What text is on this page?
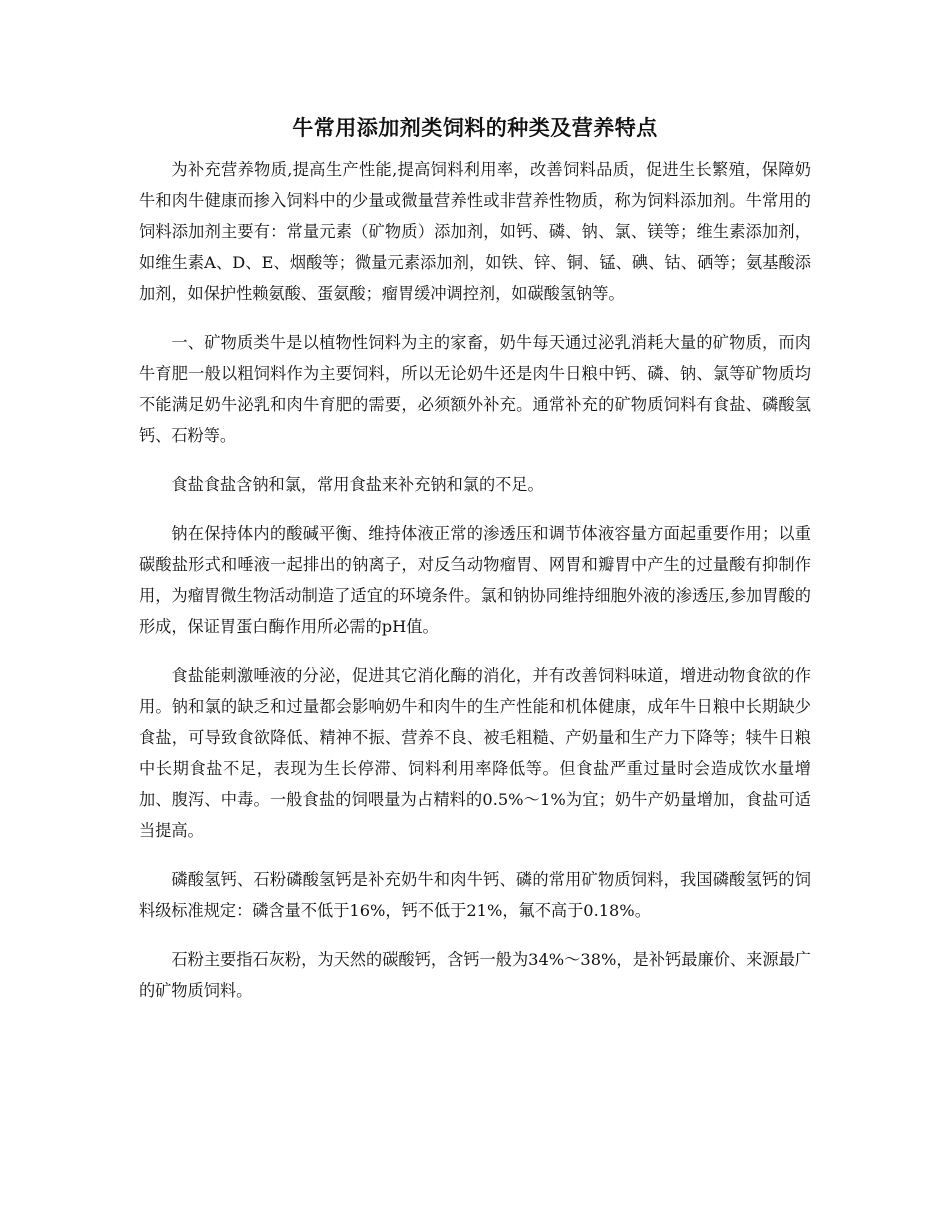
牛常用添加剂类饲料的种类及营养特点

为补充营养物质,提高生产性能,提高饲料利用率，改善饲料品质，促进生长繁殖，保障奶牛和肉牛健康而掺入饲料中的少量或微量营养性或非营养性物质，称为饲料添加剂。牛常用的饲料添加剂主要有：常量元素（矿物质）添加剂，如钙、磷、钠、氯、镁等；维生素添加剂，如维生素A、D、E、烟酸等；微量元素添加剂，如铁、锌、铜、锰、碘、钴、硒等；氨基酸添加剂，如保护性赖氨酸、蛋氨酸；瘤胃缓冲调控剂，如碳酸氢钠等。

一、矿物质类牛是以植物性饲料为主的家畜，奶牛每天通过泌乳消耗大量的矿物质，而肉牛育肥一般以粗饲料作为主要饲料，所以无论奶牛还是肉牛日粮中钙、磷、钠、氯等矿物质均不能满足奶牛泌乳和肉牛育肥的需要，必须额外补充。通常补充的矿物质饲料有食盐、磷酸氢钙、石粉等。

食盐食盐含钠和氯，常用食盐来补充钠和氯的不足。

钠在保持体内的酸碱平衡、维持体液正常的渗透压和调节体液容量方面起重要作用；以重碳酸盐形式和唾液一起排出的钠离子，对反刍动物瘤胃、网胃和瓣胃中产生的过量酸有抑制作用，为瘤胃微生物活动制造了适宜的环境条件。氯和钠协同维持细胞外液的渗透压,参加胃酸的形成，保证胃蛋白酶作用所必需的pH值。

食盐能刺激唾液的分泌，促进其它消化酶的消化，并有改善饲料味道，增进动物食欲的作用。钠和氯的缺乏和过量都会影响奶牛和肉牛的生产性能和机体健康，成年牛日粮中长期缺少食盐，可导致食欲降低、精神不振、营养不良、被毛粗糙、产奶量和生产力下降等；犊牛日粮中长期食盐不足，表现为生长停滞、饲料利用率降低等。但食盐严重过量时会造成饮水量增加、腹泻、中毒。一般食盐的饲喂量为占精料的0.5%～1%为宜；奶牛产奶量增加，食盐可适当提高。

磷酸氢钙、石粉磷酸氢钙是补充奶牛和肉牛钙、磷的常用矿物质饲料，我国磷酸氢钙的饲料级标准规定：磷含量不低于16%，钙不低于21%，氟不高于0.18%。

石粉主要指石灰粉，为天然的碳酸钙，含钙一般为34%～38%，是补钙最廉价、来源最广的矿物质饲料。
